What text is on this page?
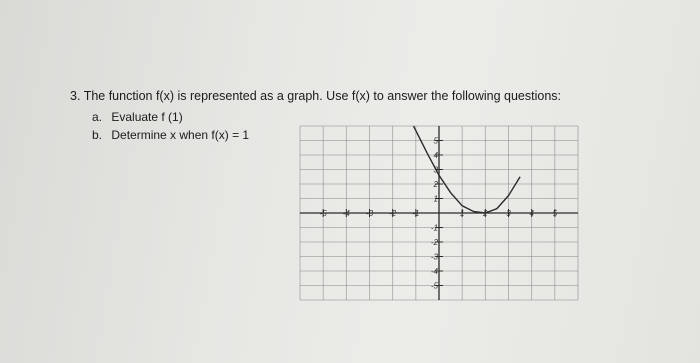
3. The function f(x) is represented as a graph. Use f(x) to answer the following questions:
a. Evaluate f (1)
b. Determine x when f(x) = 1
-5 -4 -3 -2 -1	1 2 3 4 5
5
4
3
2
1
-1
-2
-3
-4
-5
